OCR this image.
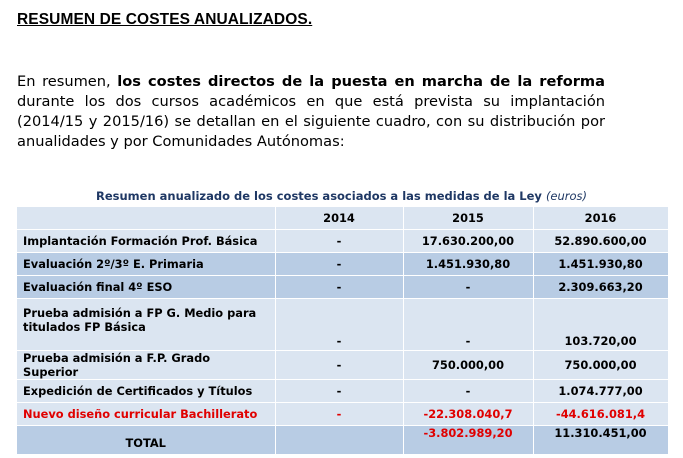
RESUMEN DE COSTES ANUALIZADOS.
En resumen, los costes directos de la puesta en marcha de la reforma durante los dos cursos académicos en que está prevista su implantación (2014/15 y 2015/16) se detallan en el siguiente cuadro, con su distribución por anualidades y por Comunidades Autónomas:
Resumen anualizado de los costes asociados a las medidas de la Ley (euros)
	2014	2015	2016
Implantación Formación Prof. Básica	-	17.630.200,00	52.890.600,00
Evaluación 2º/3º E. Primaria	-	1.451.930,80	1.451.930,80
Evaluación final 4º ESO	-	-	2.309.663,20
Prueba admisión a FP G. Medio para titulados FP Básica	-	-	103.720,00
Prueba admisión a F.P. Grado Superior	-	750.000,00	750.000,00
Expedición de Certificados y Títulos	-	-	1.074.777,00
Nuevo diseño curricular Bachillerato	-	-22.308.040,7	-44.616.081,4
TOTAL		-3.802.989,20	11.310.451,00
